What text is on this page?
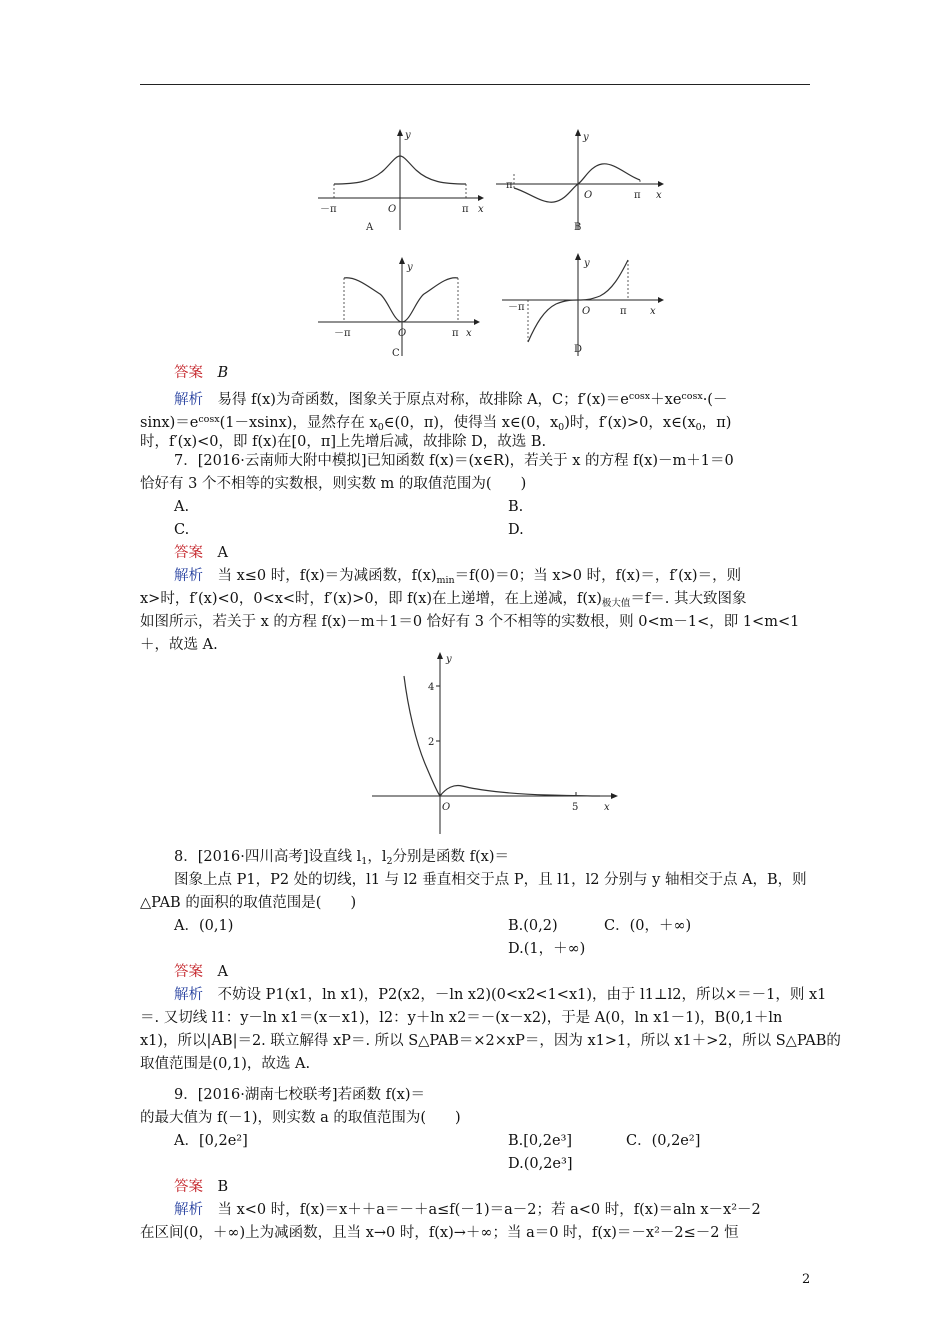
－π	O	π x
y
A
－π
O	π x
y
B
－π	O	π x
y
C
－π	O	π x
y
D
答案　 B
解析　 易得 f(x)为奇函数，图象关于原点对称，故排除 A，C；$f'(x)=e^{cosx}+xe^{cosx}\cdot(-$
$\sin x)=e^{cosx}(1-xsinx)$，显然存在 $x_0\in(0$，π)，使得当 x∈(0，$x_0$)时，f′(x)>0，$x\in(x_0$，π)
时，f′(x)<0，即 f(x)在[0，π]上先增后减，故排除 D，故选 B.
7．[2016·云南师大附中模拟]已知函数 f(x)＝(x∈R)，若关于 x 的方程 f(x)－m＋1＝0
恰好有 3 个不相等的实数根，则实数 m 的取值范围为(　　)
A.	B.
C.	D.
答案　 A
解析　 当 x≤0 时，f(x)＝为减函数，$f(x)_{min}=f(0)=0$；当 x>0 时，f(x)＝，f′(x)＝，则
x>时，f′(x)<0，0<x<时，f′(x)>0，即 f(x)在上递增，在上递减，$f(x)_{极大值}=f=$. 其大致图象
如图所示，若关于 x 的方程 f(x)－m＋1＝0 恰好有 3 个不相等的实数根，则 0<m－1<，即 1<m<1
＋，故选 A.
4
2
5
O	x
y
8．[2016·四川高考]设直线 $l_1$，$l_2$分别是函数 f(x)＝
图象上点 P1，P2 处的切线，l1 与 l2 垂直相交于点 P，且 l1，l2 分别与 y 轴相交于点 A，B，则
△PAB 的面积的取值范围是(　　)
A．(0,1)	B.(0,2)	C．(0，＋∞)
D.(1，＋∞)
答案　 A
解析　 不妨设 P1(x1，ln x1)，P2(x2，－ln x2)(0<x2<1<x1)，由于 l1⊥l2，所以×＝－1，则 x1
＝. 又切线 l1：y－ln x1＝(x－x1)，l2：y＋ln x2＝－(x－x2)，于是 A(0，ln x1－1)，B(0,1＋ln
x1)，所以|AB|＝2. 联立解得 xP＝. 所以 S△PAB＝×2×xP＝，因为 x1>1，所以 x1＋>2，所以 S△PAB的
取值范围是(0,1)，故选 A.
9．[2016·湖南七校联考]若函数 f(x)＝
的最大值为 f(－1)，则实数 a 的取值范围为(　　)
A．[0,2e²]	B.[0,2e³]	C．(0,2e²]
D.(0,2e³]
答案　 B
解析　 当 x<0 时，f(x)＝x＋＋a＝－＋a≤f(－1)＝a－2；若 a<0 时，f(x)＝aln x－x²－2
在区间(0，＋∞)上为减函数，且当 x→0 时，f(x)→＋∞；当 a＝0 时，f(x)＝－x²－2≤－2 恒
2
